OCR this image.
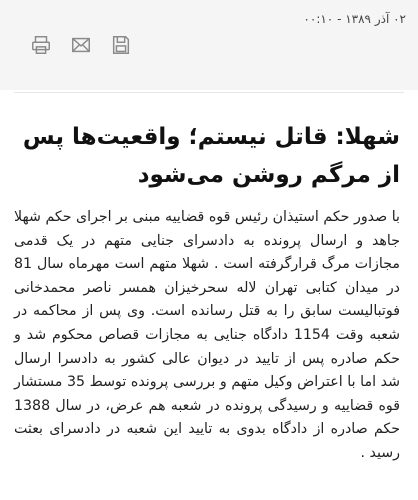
۰۲ آذر ۱۳۸۹ - ۰۰:۱۰
شهلا: قاتل نیستم؛ واقعیت‌ها پس از مرگم روشن می‌شود

با صدور حکم استیذان رئیس قوه قضاییه مبنی بر اجرای حکم شهلا جاهد و ارسال پرونده به دادسرای جنایی متهم در یک قدمی مجازات مرگ قرارگرفته است . شهلا متهم است مهرماه سال 81 در میدان کتابی تهران لاله سحرخیزان همسر ناصر محمدخانی فوتبالیست سابق را به قتل رسانده است. وی پس از محاکمه در شعبه وقت 1154 دادگاه جنایی به مجازات قصاص محکوم شد و حکم صادره پس از تایید در دیوان عالی کشور به دادسرا ارسال شد اما با اعتراض وکیل متهم و بررسی پرونده توسط 35 مستشار قوه قضاییه و رسیدگی پرونده در شعبه هم عرض، در سال 1388 حکم صادره از دادگاه بدوی به تایید این شعبه در دادسرای بعثت رسید .
